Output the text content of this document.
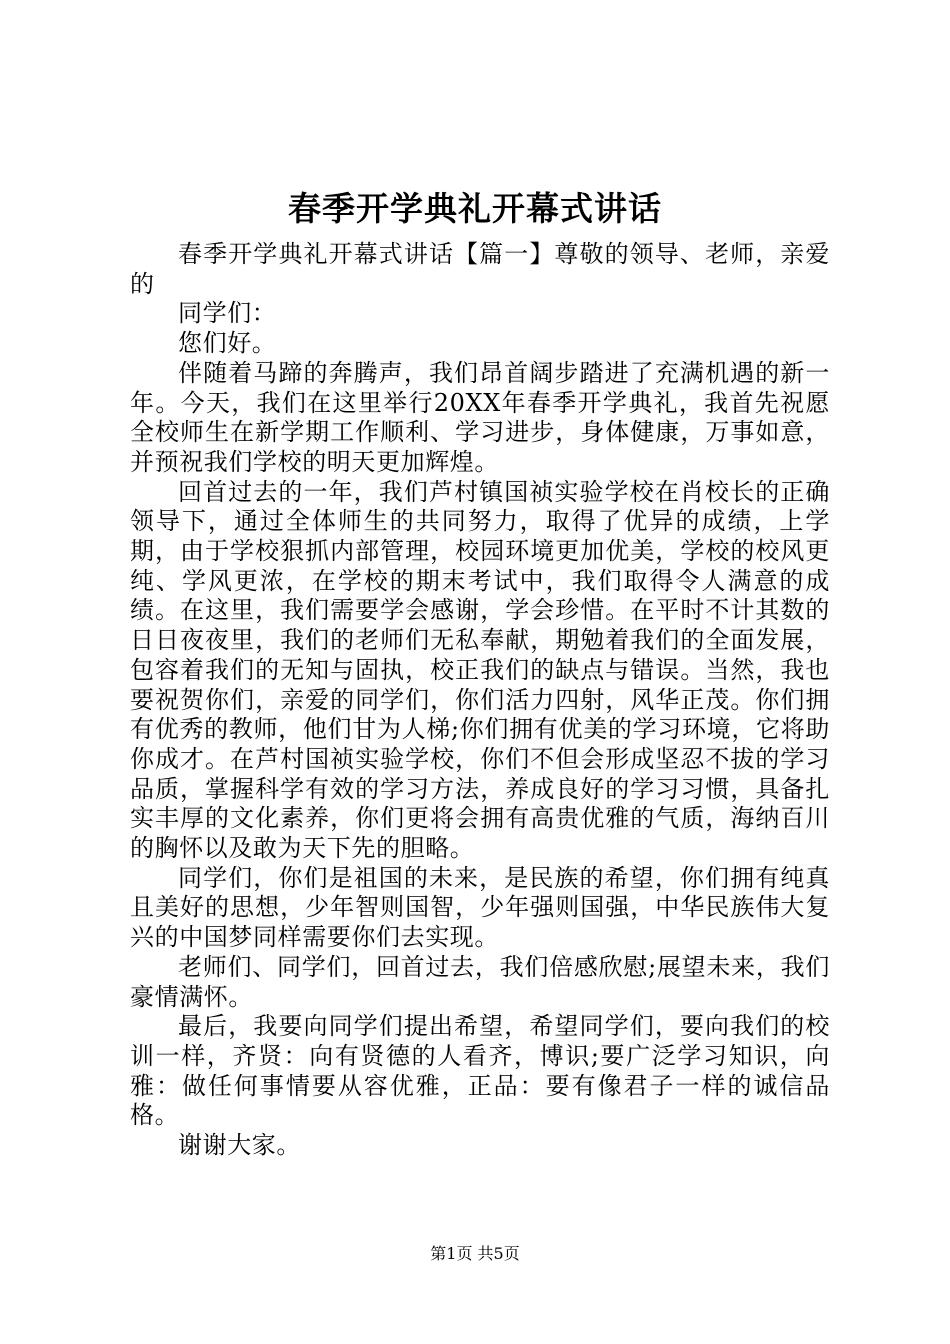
春季开学典礼开幕式讲话

春季开学典礼开幕式讲话【篇一】尊敬的领导、老师，亲爱的

同学们：

您们好。

伴随着马蹄的奔腾声，我们昂首阔步踏进了充满机遇的新一年。今天，我们在这里举行20XX年春季开学典礼，我首先祝愿全校师生在新学期工作顺利、学习进步，身体健康，万事如意，并预祝我们学校的明天更加辉煌。

回首过去的一年，我们芦村镇国祯实验学校在肖校长的正确领导下，通过全体师生的共同努力，取得了优异的成绩，上学期，由于学校狠抓内部管理，校园环境更加优美，学校的校风更纯、学风更浓，在学校的期末考试中，我们取得令人满意的成绩。在这里，我们需要学会感谢，学会珍惜。在平时不计其数的日日夜夜里，我们的老师们无私奉献，期勉着我们的全面发展，包容着我们的无知与固执，校正我们的缺点与错误。当然，我也要祝贺你们，亲爱的同学们，你们活力四射，风华正茂。你们拥有优秀的教师，他们甘为人梯;你们拥有优美的学习环境，它将助你成才。在芦村国祯实验学校，你们不但会形成坚忍不拔的学习品质，掌握科学有效的学习方法，养成良好的学习习惯，具备扎实丰厚的文化素养，你们更将会拥有高贵优雅的气质，海纳百川的胸怀以及敢为天下先的胆略。

同学们，你们是祖国的未来，是民族的希望，你们拥有纯真且美好的思想，少年智则国智，少年强则国强，中华民族伟大复兴的中国梦同样需要你们去实现。

老师们、同学们，回首过去，我们倍感欣慰;展望未来，我们豪情满怀。

最后，我要向同学们提出希望，希望同学们，要向我们的校训一样，齐贤：向有贤德的人看齐，博识;要广泛学习知识，向雅：做任何事情要从容优雅，正品：要有像君子一样的诚信品格。

谢谢大家。

第1页 共5页
